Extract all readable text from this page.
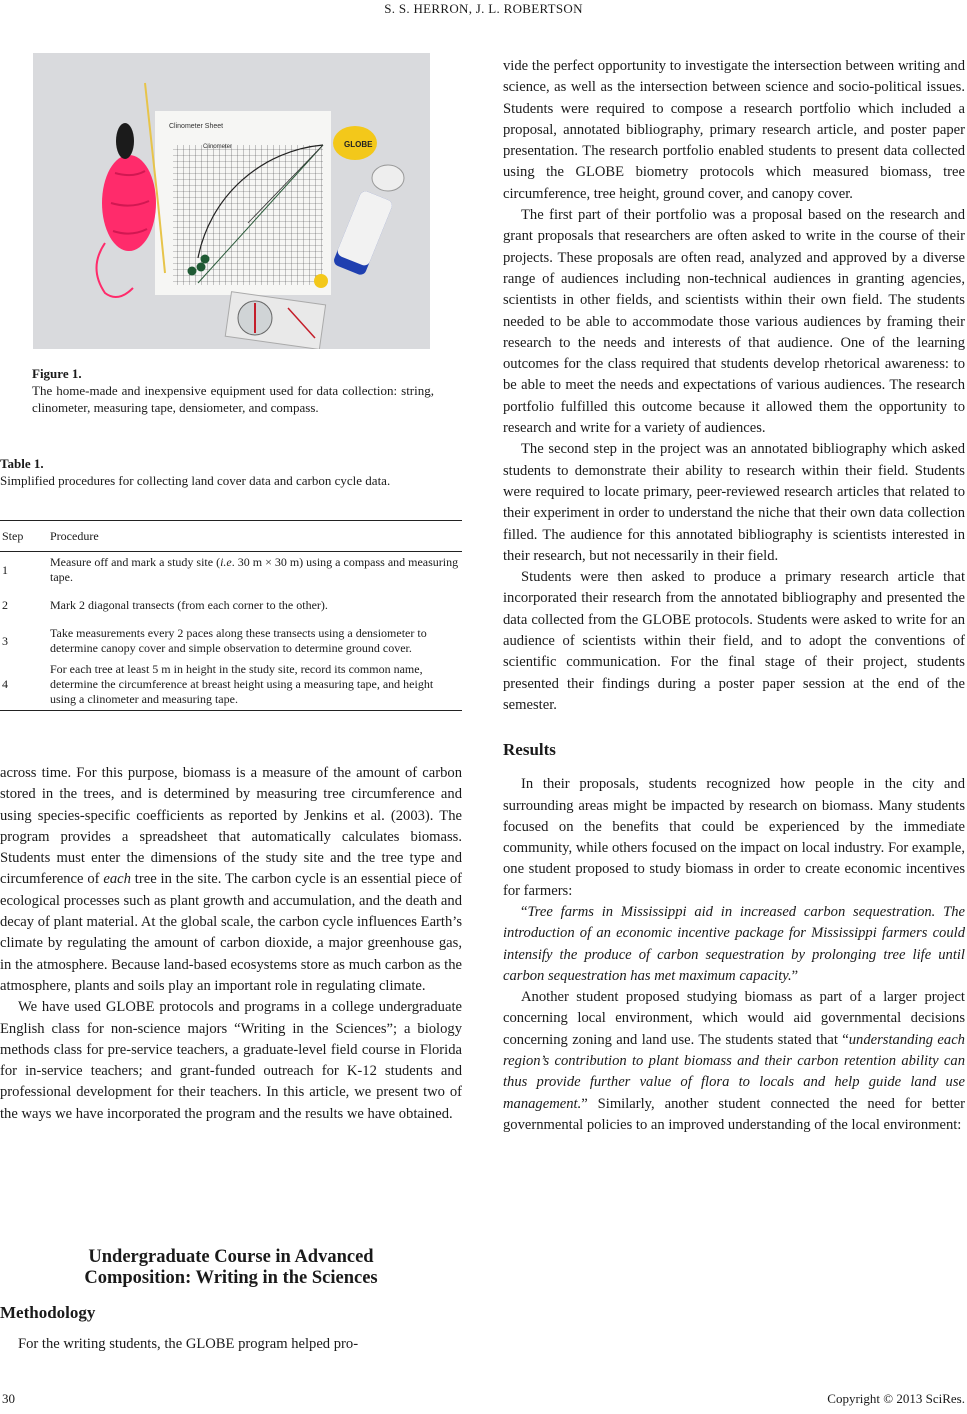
S. S. HERRON, J. L. ROBERTSON
Clinometer Sheet
Clinometer	GLOBE
Figure 1.
The home-made and inexpensive equipment used for data collection: string, clinometer, measuring tape, densiometer, and compass.
Table 1.
Simplified procedures for collecting land cover data and carbon cycle data.
Step	Procedure
1	Measure off and mark a study site (i.e. 30 m × 30 m) using a compass and measuring tape.
2	Mark 2 diagonal transects (from each corner to the other).
3	Take measurements every 2 paces along these transects using a densiometer to determine canopy cover and simple observation to determine ground cover.
4	For each tree at least 5 m in height in the study site, record its common name, determine the circumference at breast height using a measuring tape, and height using a clinometer and measuring tape.

across time. For this purpose, biomass is a measure of the amount of carbon stored in the trees, and is determined by measuring tree circumference and using species-specific coefficients as reported by Jenkins et al. (2003). The program provides a spreadsheet that automatically calculates biomass. Students must enter the dimensions of the study site and the tree type and circumference of each tree in the site. The carbon cycle is an essential piece of ecological processes such as plant growth and accumulation, and the death and decay of plant material. At the global scale, the carbon cycle influences Earth’s climate by regulating the amount of carbon dioxide, a major greenhouse gas, in the atmosphere. Because land-based ecosystems store as much carbon as the atmosphere, plants and soils play an important role in regulating climate.

We have used GLOBE protocols and programs in a college undergraduate English class for non-science majors “Writing in the Sciences”; a biology methods class for pre-service teachers, a graduate-level field course in Florida for in-service teachers; and grant-funded outreach for K-12 students and professional development for their teachers. In this article, we present two of the ways we have incorporated the program and the results we have obtained.

Undergraduate Course in Advanced
Composition: Writing in the Sciences
Methodology

For the writing students, the GLOBE program helped pro-

vide the perfect opportunity to investigate the intersection between writing and science, as well as the intersection between science and socio-political issues. Students were required to compose a research portfolio which included a proposal, annotated bibliography, primary research article, and poster paper presentation. The research portfolio enabled students to present data collected using the GLOBE biometry protocols which measured biomass, tree circumference, tree height, ground cover, and canopy cover.

The first part of their portfolio was a proposal based on the research and grant proposals that researchers are often asked to write in the course of their projects. These proposals are often read, analyzed and approved by a diverse range of audiences including non-technical audiences in granting agencies, scientists in other fields, and scientists within their own field. The students needed to be able to accommodate those various audiences by framing their research to the needs and interests of that audience. One of the learning outcomes for the class required that students develop rhetorical awareness: to be able to meet the needs and expectations of various audiences. The research portfolio fulfilled this outcome because it allowed them the opportunity to research and write for a variety of audiences.

The second step in the project was an annotated bibliography which asked students to demonstrate their ability to research within their field. Students were required to locate primary, peer-reviewed research articles that related to their experiment in order to understand the niche that their own data collection filled. The audience for this annotated bibliography is scientists interested in their research, but not necessarily in their field.

Students were then asked to produce a primary research article that incorporated their research from the annotated bibliography and presented the data collected from the GLOBE protocols. Students were asked to write for an audience of scientists within their field, and to adopt the conventions of scientific communication. For the final stage of their project, students presented their findings during a poster paper session at the end of the semester.

Results

In their proposals, students recognized how people in the city and surrounding areas might be impacted by research on biomass. Many students focused on the benefits that could be experienced by the immediate community, while others focused on the impact on local industry. For example, one student proposed to study biomass in order to create economic incentives for farmers:

“Tree farms in Mississippi aid in increased carbon sequestration. The introduction of an economic incentive package for Mississippi farmers could intensify the produce of carbon sequestration by prolonging tree life until carbon sequestration has met maximum capacity.”

Another student proposed studying biomass as part of a larger project concerning local environment, which would aid governmental decisions concerning zoning and land use. The students stated that “understanding each region’s contribution to plant biomass and their carbon retention ability can thus provide further value of flora to locals and help guide land use management.” Similarly, another student connected the need for better governmental policies to an improved understanding of the local environment:

30	Copyright © 2013 SciRes.
